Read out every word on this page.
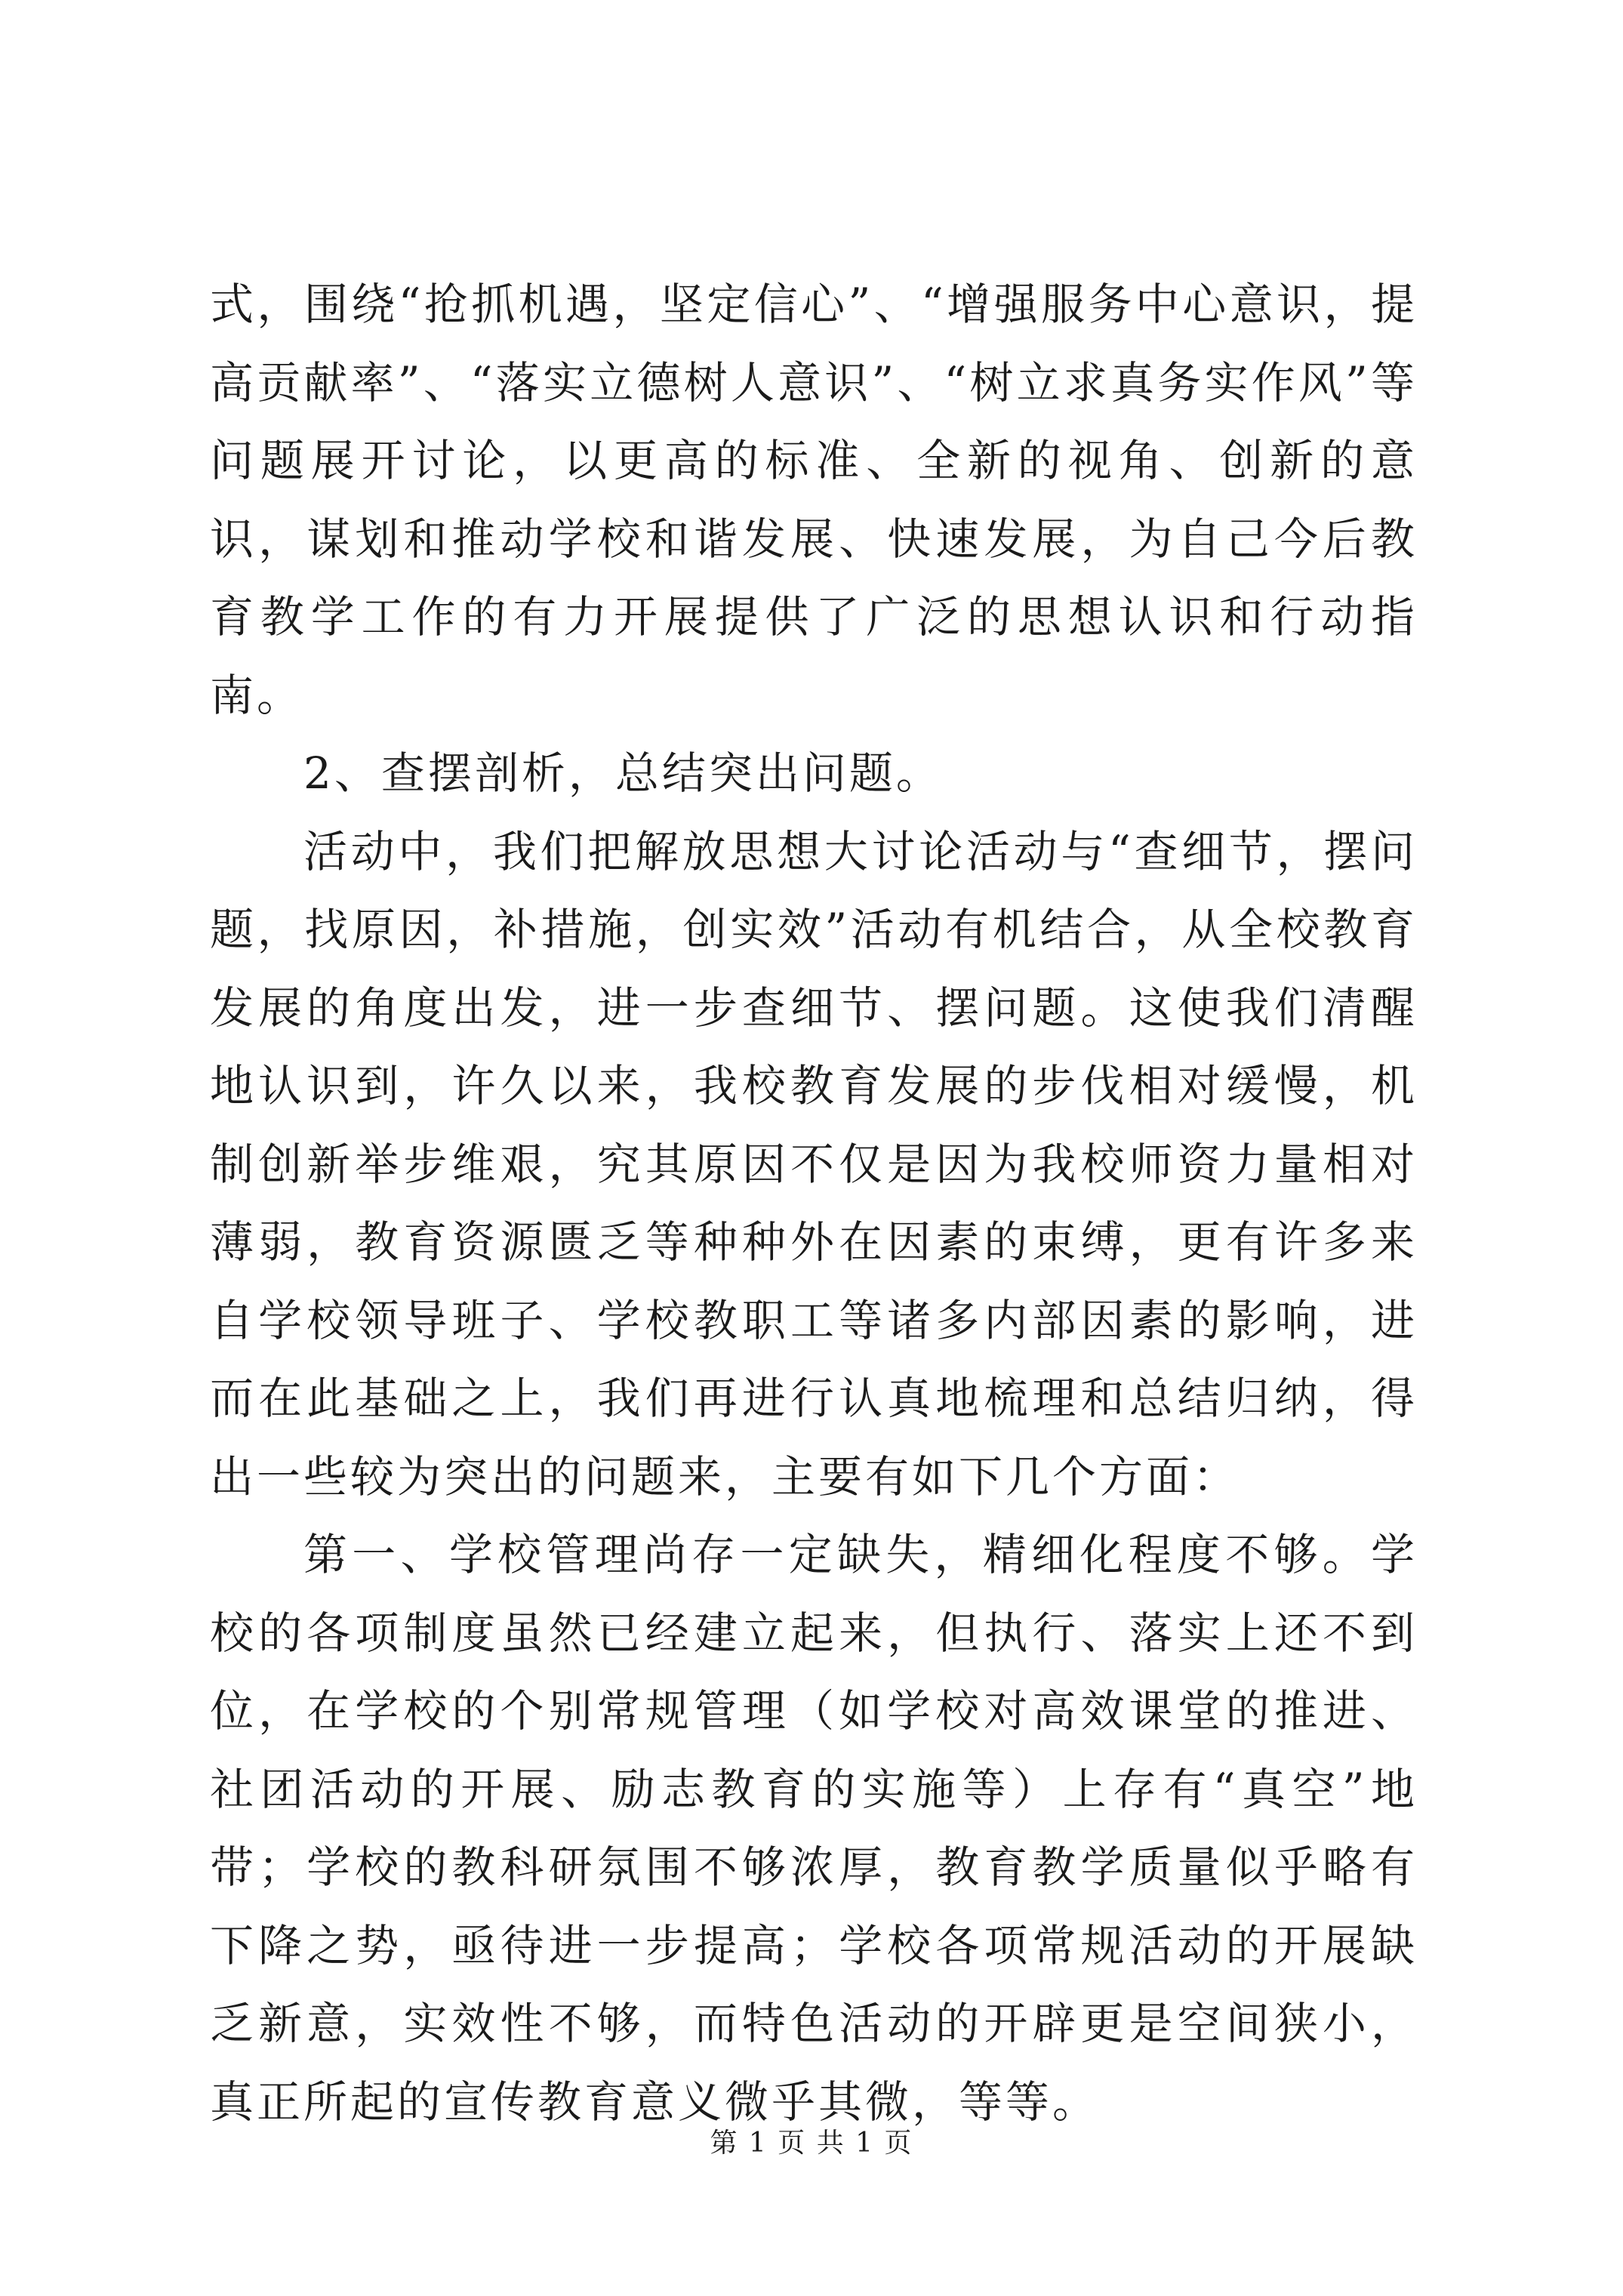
式，围绕“抢抓机遇，坚定信心”、“增强服务中心意识，提高贡献率”、“落实立德树人意识”、“树立求真务实作风”等问题展开讨论，以更高的标准、全新的视角、创新的意识，谋划和推动学校和谐发展、快速发展，为自己今后教育教学工作的有力开展提供了广泛的思想认识和行动指南。

2、查摆剖析，总结突出问题。

活动中，我们把解放思想大讨论活动与“查细节，摆问题，找原因，补措施，创实效”活动有机结合，从全校教育发展的角度出发，进一步查细节、摆问题。这使我们清醒地认识到，许久以来，我校教育发展的步伐相对缓慢，机制创新举步维艰，究其原因不仅是因为我校师资力量相对薄弱，教育资源匮乏等种种外在因素的束缚，更有许多来自学校领导班子、学校教职工等诸多内部因素的影响，进而在此基础之上，我们再进行认真地梳理和总结归纳，得出一些较为突出的问题来，主要有如下几个方面：

第一、学校管理尚存一定缺失，精细化程度不够。学校的各项制度虽然已经建立起来，但执行、落实上还不到位，在学校的个别常规管理（如学校对高效课堂的推进、社团活动的开展、励志教育的实施等）上存有“真空”地带；学校的教科研氛围不够浓厚，教育教学质量似乎略有下降之势，亟待进一步提高；学校各项常规活动的开展缺乏新意，实效性不够，而特色活动的开辟更是空间狭小，真正所起的宣传教育意义微乎其微，等等。

第 1 页 共 1 页
